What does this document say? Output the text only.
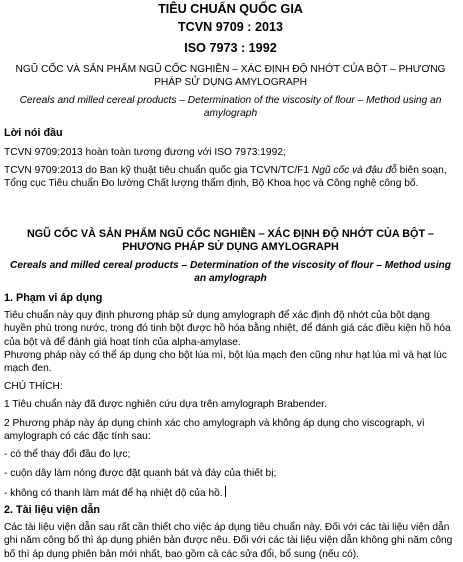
TIÊU CHUẨN QUỐC GIA
TCVN 9709 : 2013
ISO 7973 : 1992
NGŨ CỐC VÀ SẢN PHẨM NGŨ CỐC NGHIỀN – XÁC ĐỊNH ĐỘ NHỚT CỦA BỘT – PHƯƠNG PHÁP SỬ DỤNG AMYLOGRAPH
Cereals and milled cereal products – Determination of the viscosity of flour – Method using an amylograph
Lời nói đầu
TCVN 9709:2013 hoàn toàn tương đương với ISO 7973:1992;
TCVN 9709:2013 do Ban kỹ thuật tiêu chuẩn quốc gia TCVN/TC/F1 Ngũ cốc và đậu đỗ biên soạn, Tổng cục Tiêu chuẩn Đo lường Chất lượng thẩm định, Bộ Khoa học và Công nghệ công bố.
NGŨ CỐC VÀ SẢN PHẨM NGŨ CỐC NGHIỀN – XÁC ĐỊNH ĐỘ NHỚT CỦA BỘT – PHƯƠNG PHÁP SỬ DỤNG AMYLOGRAPH
Cereals and milled cereal products – Determination of the viscosity of flour – Method using an amylograph
1. Phạm vi áp dụng
Tiêu chuẩn này quy định phương pháp sử dụng amylograph để xác định độ nhớt của bột dạng huyền phù trong nước, trong đó tinh bột được hồ hóa bằng nhiệt, để đánh giá các điều kiện hồ hóa của bột và để đánh giá hoạt tính của alpha-amylase.
Phương pháp này có thể áp dụng cho bột lúa mì, bột lúa mạch đen cũng như hạt lúa mì và hạt lúc mạch đen.
CHÚ THÍCH:
1 Tiêu chuẩn này đã được nghiên cứu dựa trên amylograph Brabender.
2 Phương pháp này áp dụng chính xác cho amylograph và không áp dụng cho viscograph, vì amylograph có các đặc tính sau:
- có thể thay đổi đầu đo lực;
- cuộn dây làm nóng được đặt quanh bát và đáy của thiết bị;
- không có thanh làm mát để hạ nhiệt độ của hồ.
2. Tài liệu viện dẫn
Các tài liệu viện dẫn sau rất cần thiết cho việc áp dụng tiêu chuẩn này. Đối với các tài liệu viện dẫn ghi năm công bố thì áp dụng phiên bản được nêu. Đối với các tài liệu viện dẫn không ghi năm công bố thì áp dụng phiên bản mới nhất, bao gồm cả các sửa đổi, bổ sung (nếu có).
